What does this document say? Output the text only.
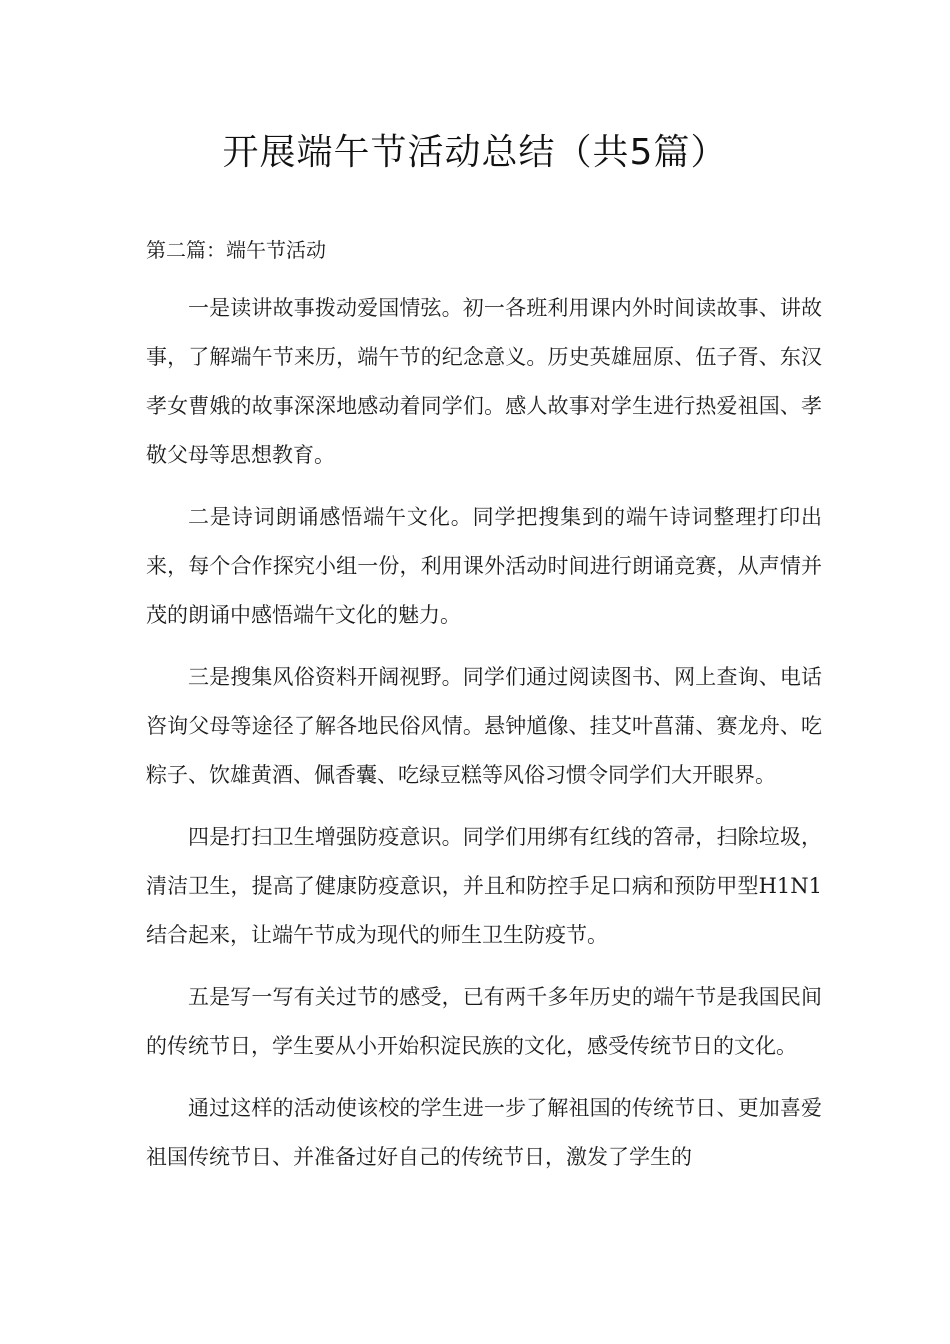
开展端午节活动总结（共5篇）
第二篇：端午节活动

一是读讲故事拨动爱国情弦。初一各班利用课内外时间读故事、讲故事，了解端午节来历，端午节的纪念意义。历史英雄屈原、伍子胥、东汉孝女曹娥的故事深深地感动着同学们。感人故事对学生进行热爱祖国、孝敬父母等思想教育。

二是诗词朗诵感悟端午文化。同学把搜集到的端午诗词整理打印出来，每个合作探究小组一份，利用课外活动时间进行朗诵竞赛，从声情并茂的朗诵中感悟端午文化的魅力。

三是搜集风俗资料开阔视野。同学们通过阅读图书、网上查询、电话咨询父母等途径了解各地民俗风情。悬钟馗像、挂艾叶菖蒲、赛龙舟、吃粽子、饮雄黄酒、佩香囊、吃绿豆糕等风俗习惯令同学们大开眼界。

四是打扫卫生增强防疫意识。同学们用绑有红线的笤帚，扫除垃圾，清洁卫生，提高了健康防疫意识，并且和防控手足口病和预防甲型H1N1结合起来，让端午节成为现代的师生卫生防疫节。

五是写一写有关过节的感受，已有两千多年历史的端午节是我国民间的传统节日，学生要从小开始积淀民族的文化，感受传统节日的文化。

通过这样的活动使该校的学生进一步了解祖国的传统节日、更加喜爱祖国传统节日、并准备过好自己的传统节日，激发了学生的
